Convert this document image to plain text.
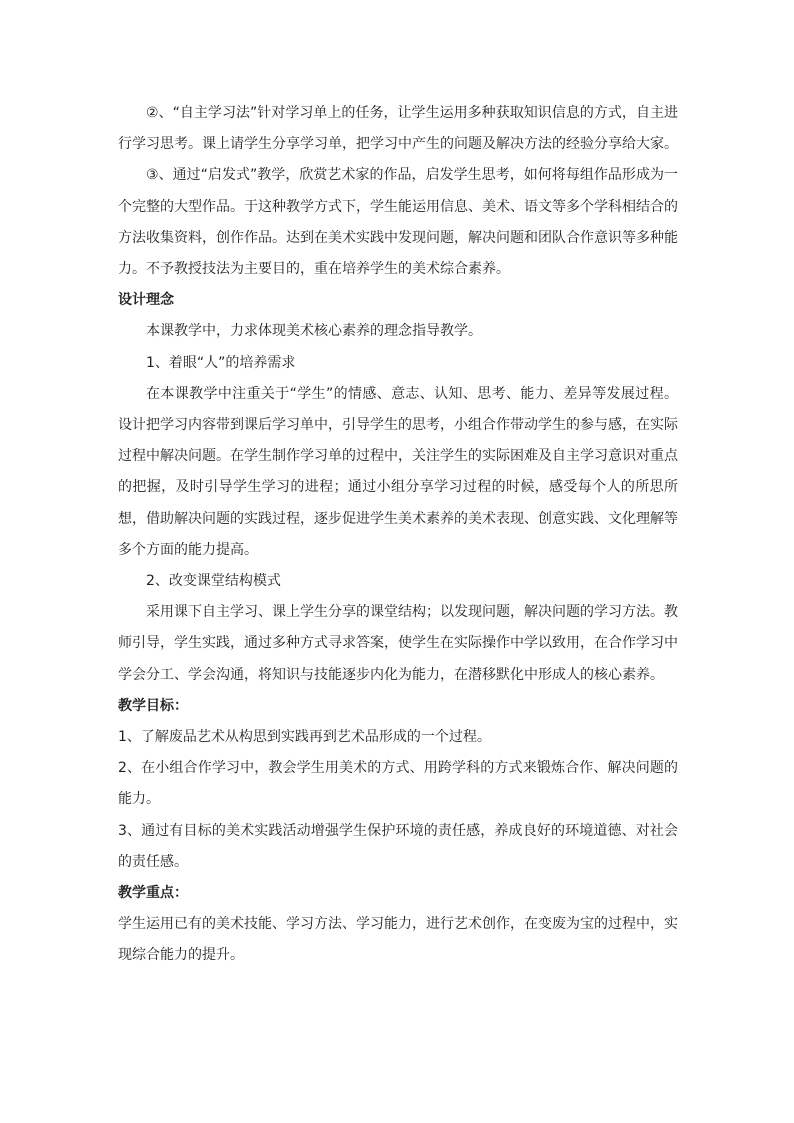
②、“自主学习法”针对学习单上的任务，让学生运用多种获取知识信息的方式，自主进行学习思考。课上请学生分享学习单，把学习中产生的问题及解决方法的经验分享给大家。

③、通过“启发式”教学，欣赏艺术家的作品，启发学生思考，如何将每组作品形成为一个完整的大型作品。于这种教学方式下，学生能运用信息、美术、语文等多个学科相结合的方法收集资料，创作作品。达到在美术实践中发现问题，解决问题和团队合作意识等多种能力。不予教授技法为主要目的，重在培养学生的美术综合素养。

设计理念

本课教学中，力求体现美术核心素养的理念指导教学。

1、着眼“人”的培养需求

在本课教学中注重关于“学生”的情感、意志、认知、思考、能力、差异等发展过程。设计把学习内容带到课后学习单中，引导学生的思考，小组合作带动学生的参与感，在实际过程中解决问题。在学生制作学习单的过程中，关注学生的实际困难及自主学习意识对重点的把握，及时引导学生学习的进程；通过小组分享学习过程的时候，感受每个人的所思所想，借助解决问题的实践过程，逐步促进学生美术素养的美术表现、创意实践、文化理解等多个方面的能力提高。

2、改变课堂结构模式

采用课下自主学习、课上学生分享的课堂结构；以发现问题，解决问题的学习方法。教师引导，学生实践，通过多种方式寻求答案，使学生在实际操作中学以致用，在合作学习中学会分工、学会沟通，将知识与技能逐步内化为能力，在潜移默化中形成人的核心素养。

教学目标：

1、了解废品艺术从构思到实践再到艺术品形成的一个过程。

2、在小组合作学习中，教会学生用美术的方式、用跨学科的方式来锻炼合作、解决问题的能力。

3、通过有目标的美术实践活动增强学生保护环境的责任感，养成良好的环境道德、对社会的责任感。

教学重点：

学生运用已有的美术技能、学习方法、学习能力，进行艺术创作，在变废为宝的过程中，实现综合能力的提升。
